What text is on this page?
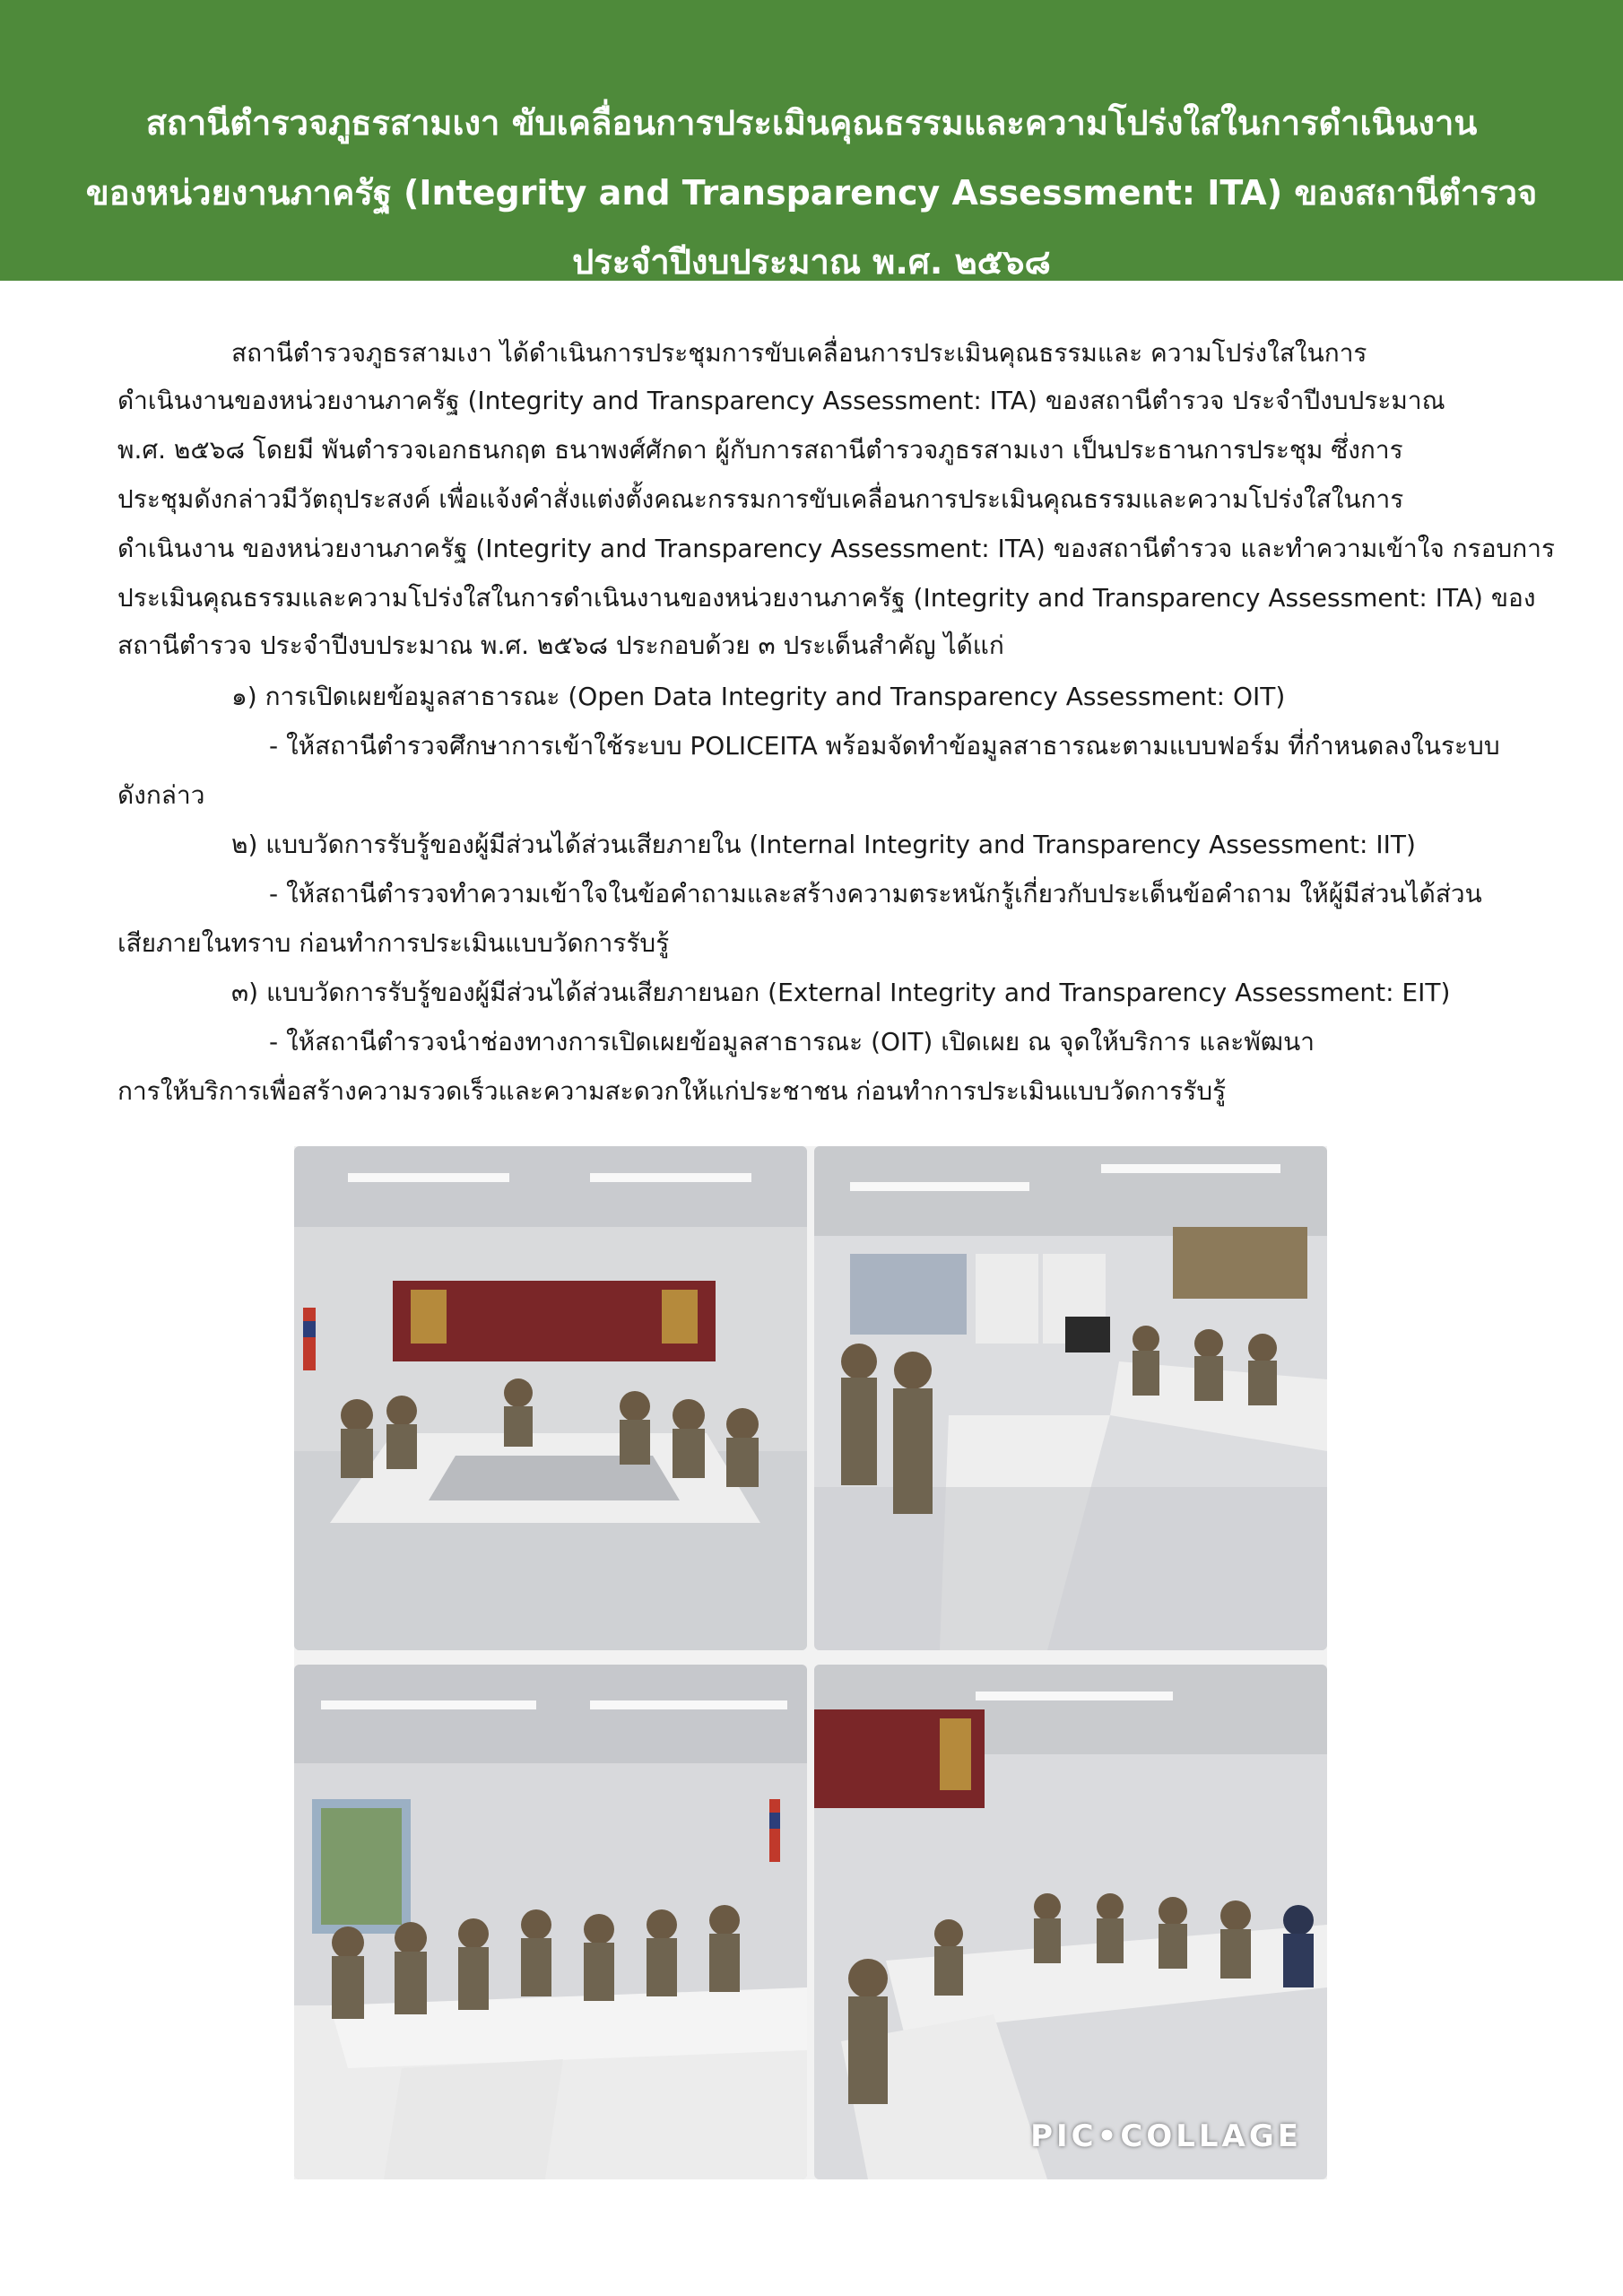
สถานีตำรวจภูธรสามเงา ขับเคลื่อนการประเมินคุณธรรมและความโปร่งใสในการดำเนินงาน
ของหน่วยงานภาครัฐ (Integrity and Transparency Assessment: ITA) ของสถานีตำรวจ
ประจำปีงบประมาณ พ.ศ. ๒๕๖๘
สถานีตำรวจภูธรสามเงา ได้ดำเนินการประชุมการขับเคลื่อนการประเมินคุณธรรมและ ความโปร่งใสในการ
ดำเนินงานของหน่วยงานภาครัฐ (Integrity and Transparency Assessment: ITA) ของสถานีตำรวจ ประจำปีงบประมาณ
พ.ศ. ๒๕๖๘ โดยมี พันตำรวจเอกธนกฤต ธนาพงศ์ศักดา ผู้กับการสถานีตำรวจภูธรสามเงา เป็นประธานการประชุม ซึ่งการ
ประชุมดังกล่าวมีวัตถุประสงค์ เพื่อแจ้งคำสั่งแต่งตั้งคณะกรรมการขับเคลื่อนการประเมินคุณธรรมและความโปร่งใสในการ
ดำเนินงาน ของหน่วยงานภาครัฐ (Integrity and Transparency Assessment: ITA) ของสถานีตำรวจ และทำความเข้าใจ กรอบการ
ประเมินคุณธรรมและความโปร่งใสในการดำเนินงานของหน่วยงานภาครัฐ (Integrity and Transparency Assessment: ITA) ของ
สถานีตำรวจ ประจำปีงบประมาณ พ.ศ. ๒๕๖๘ ประกอบด้วย ๓ ประเด็นสำคัญ ได้แก่
๑) การเปิดเผยข้อมูลสาธารณะ (Open Data Integrity and Transparency Assessment: OIT)
- ให้สถานีตำรวจศึกษาการเข้าใช้ระบบ POLICEITA พร้อมจัดทำข้อมูลสาธารณะตามแบบฟอร์ม ที่กำหนดลงในระบบ
ดังกล่าว
๒) แบบวัดการรับรู้ของผู้มีส่วนได้ส่วนเสียภายใน (Internal Integrity and Transparency Assessment: IIT)
- ให้สถานีตำรวจทำความเข้าใจในข้อคำถามและสร้างความตระหนักรู้เกี่ยวกับประเด็นข้อคำถาม ให้ผู้มีส่วนได้ส่วน
เสียภายในทราบ ก่อนทำการประเมินแบบวัดการรับรู้
๓) แบบวัดการรับรู้ของผู้มีส่วนได้ส่วนเสียภายนอก (External Integrity and Transparency Assessment: EIT)
- ให้สถานีตำรวจนำช่องทางการเปิดเผยข้อมูลสาธารณะ (OIT) เปิดเผย ณ จุดให้บริการ และพัฒนา
การให้บริการเพื่อสร้างความรวดเร็วและความสะดวกให้แก่ประชาชน ก่อนทำการประเมินแบบวัดการรับรู้
PIC•COLLAGE
